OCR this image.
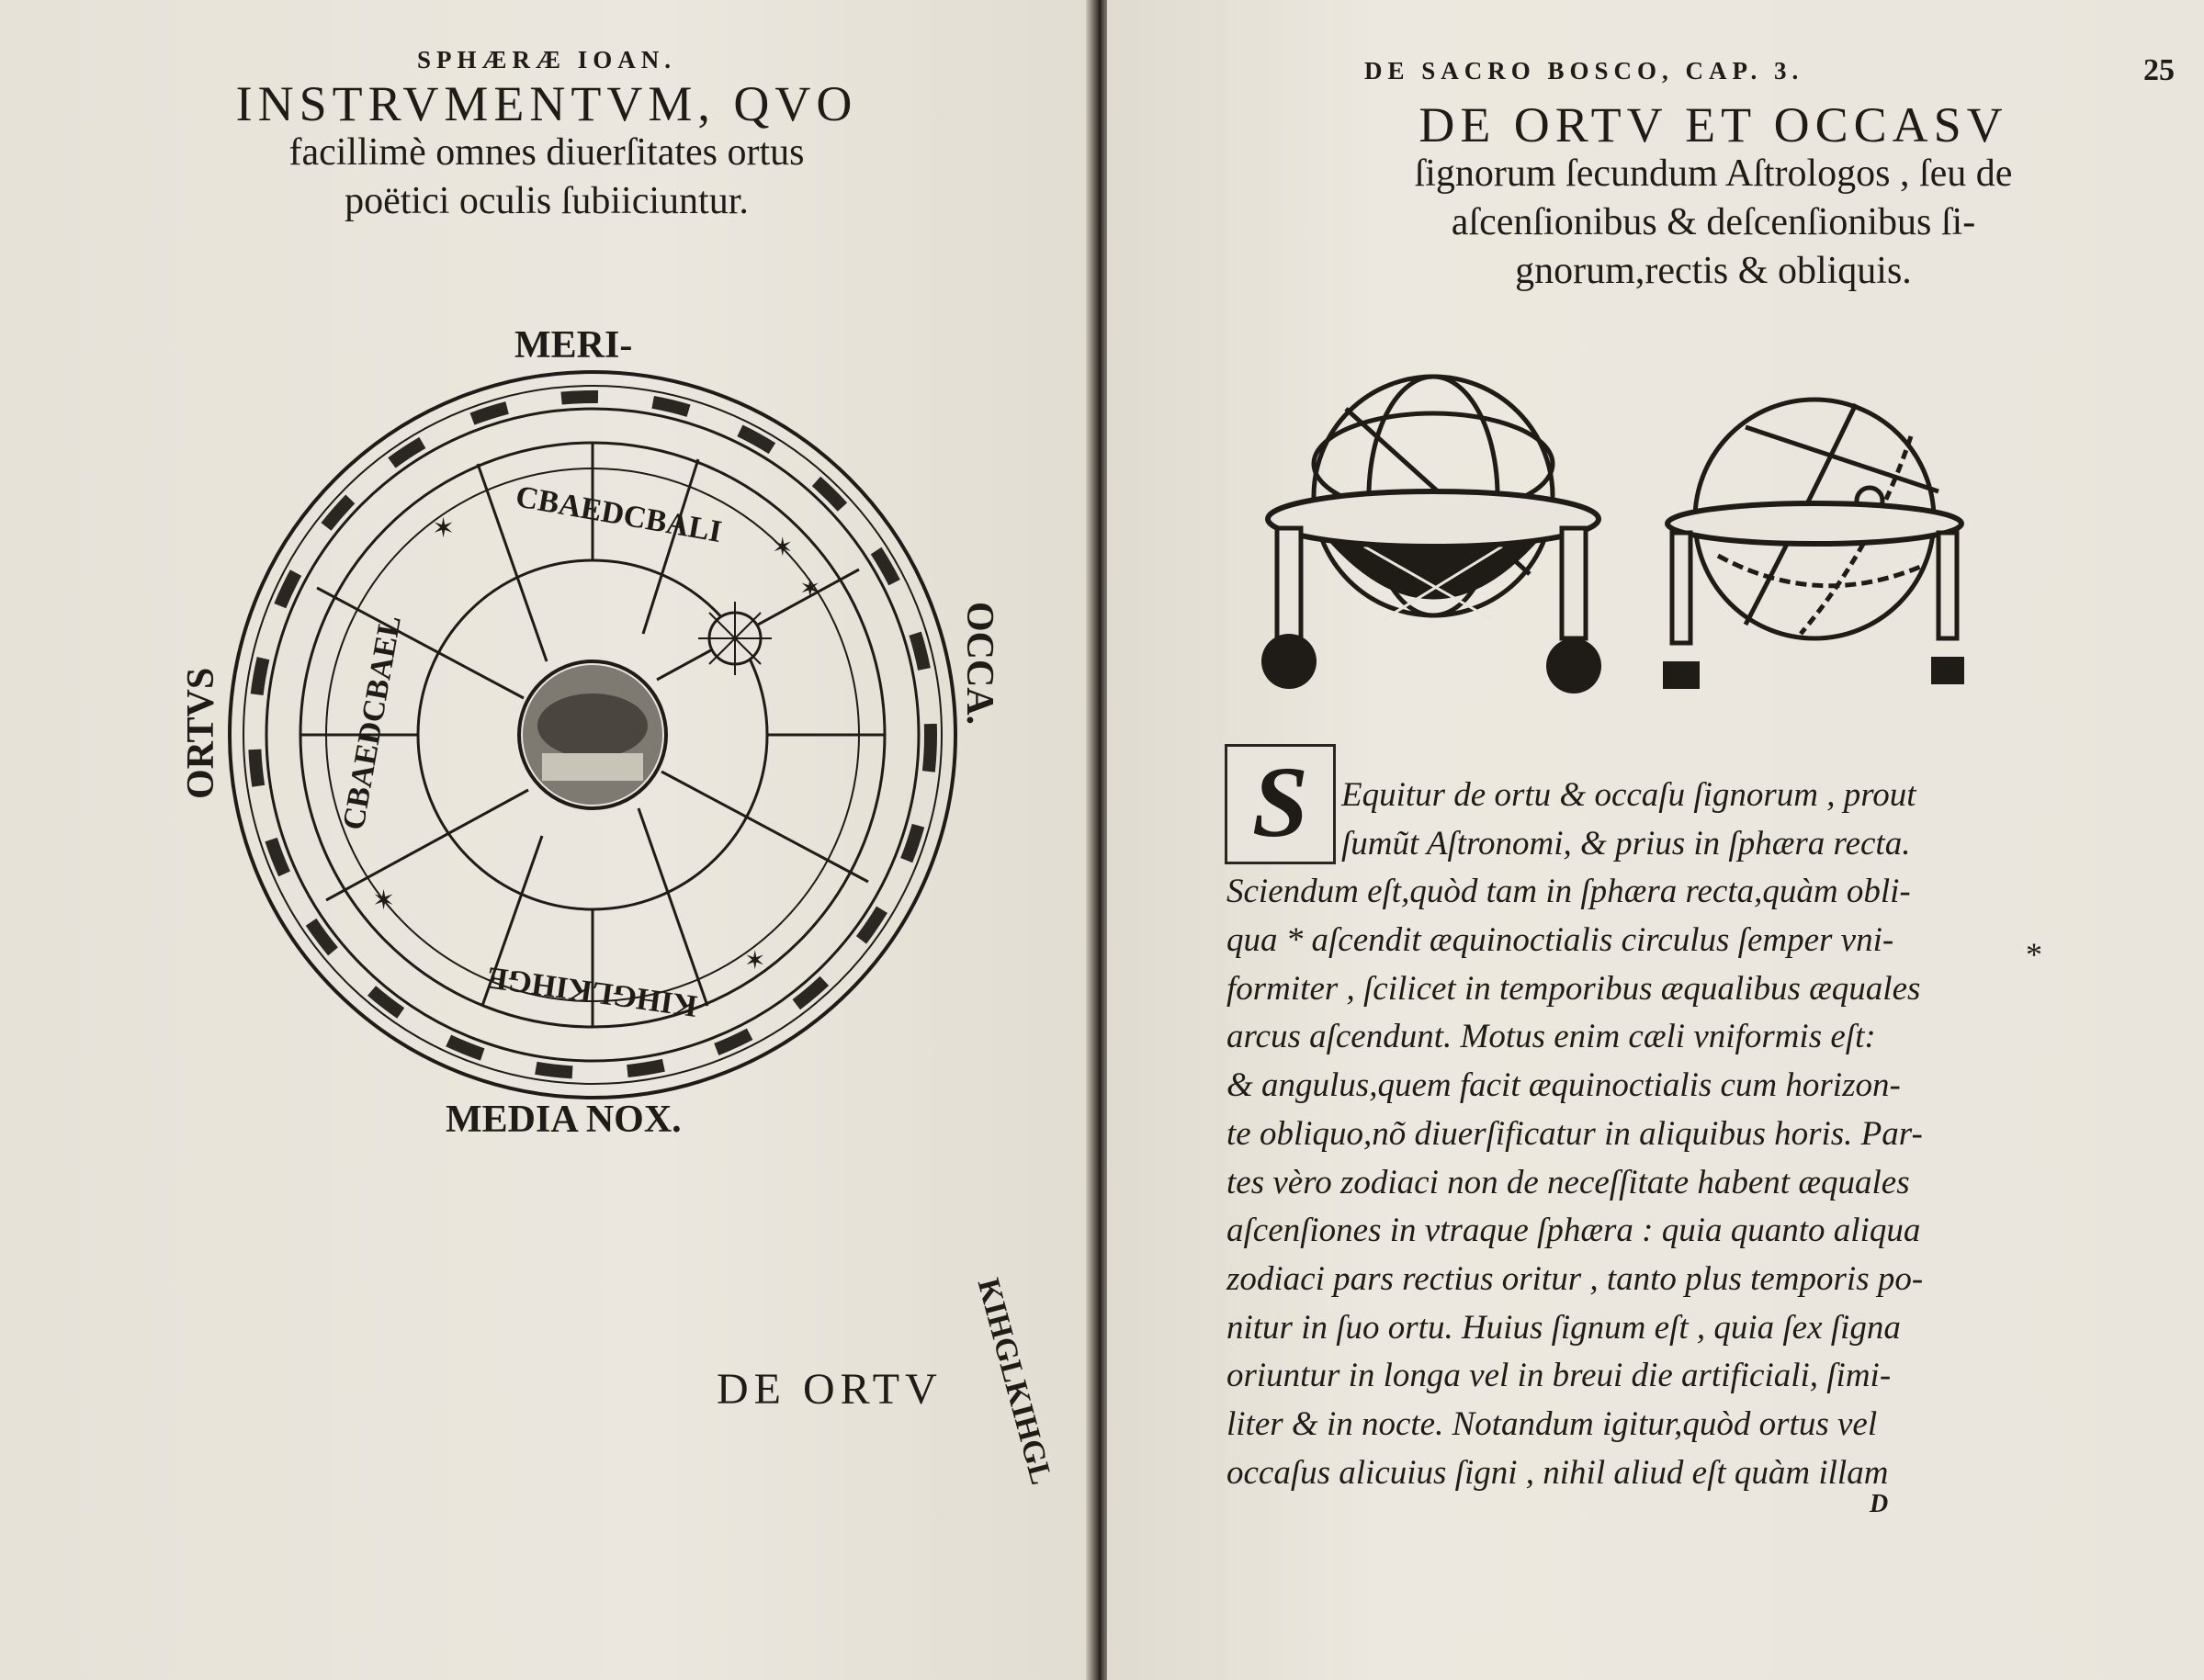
SPHÆRÆ IOAN.
INSTRVMENTVM, QVO
facillimè omnes diuerſitates ortus
poëtici oculis ſubiiciuntur.
CBAEDCBALI
KIHGLKIHGL
KIHGLKIHGE
CBAEDCBAEL
✶
✶
✶
✶
✶
MERI-
MEDIA NOX.
ORTVS
OCCA.
DE ORTV
DE SACRO BOSCO, CAP. 3.	25
DE ORTV ET OCCASV
ſignorum ſecundum Aſtrologos , ſeu de
aſcenſionibus & deſcenſionibus ſi-
gnorum,rectis & obliquis.
S Equitur de ortu & occaſu ſignorum , prout
ſumũt Aſtronomi, & prius in ſphæra recta.
Sciendum eſt,quòd tam in ſphæra recta,quàm obli-
qua * aſcendit æquinoctialis circulus ſemper vni-
formiter , ſcilicet in temporibus æqualibus æquales
arcus aſcendunt. Motus enim cæli vniformis eſt:
& angulus,quem facit æquinoctialis cum horizon-
te obliquo,nõ diuerſificatur in aliquibus horis. Par-
tes vèro zodiaci non de neceſſitate habent æquales
aſcenſiones in vtraque ſphæra : quia quanto aliqua
zodiaci pars rectius oritur , tanto plus temporis po-
nitur in ſuo ortu. Huius ſignum eſt , quia ſex ſigna
oriuntur in longa vel in breui die artificiali, ſimi-
liter & in nocte. Notandum igitur,quòd ortus vel
occaſus alicuius ſigni , nihil aliud eſt quàm illam
*
D
